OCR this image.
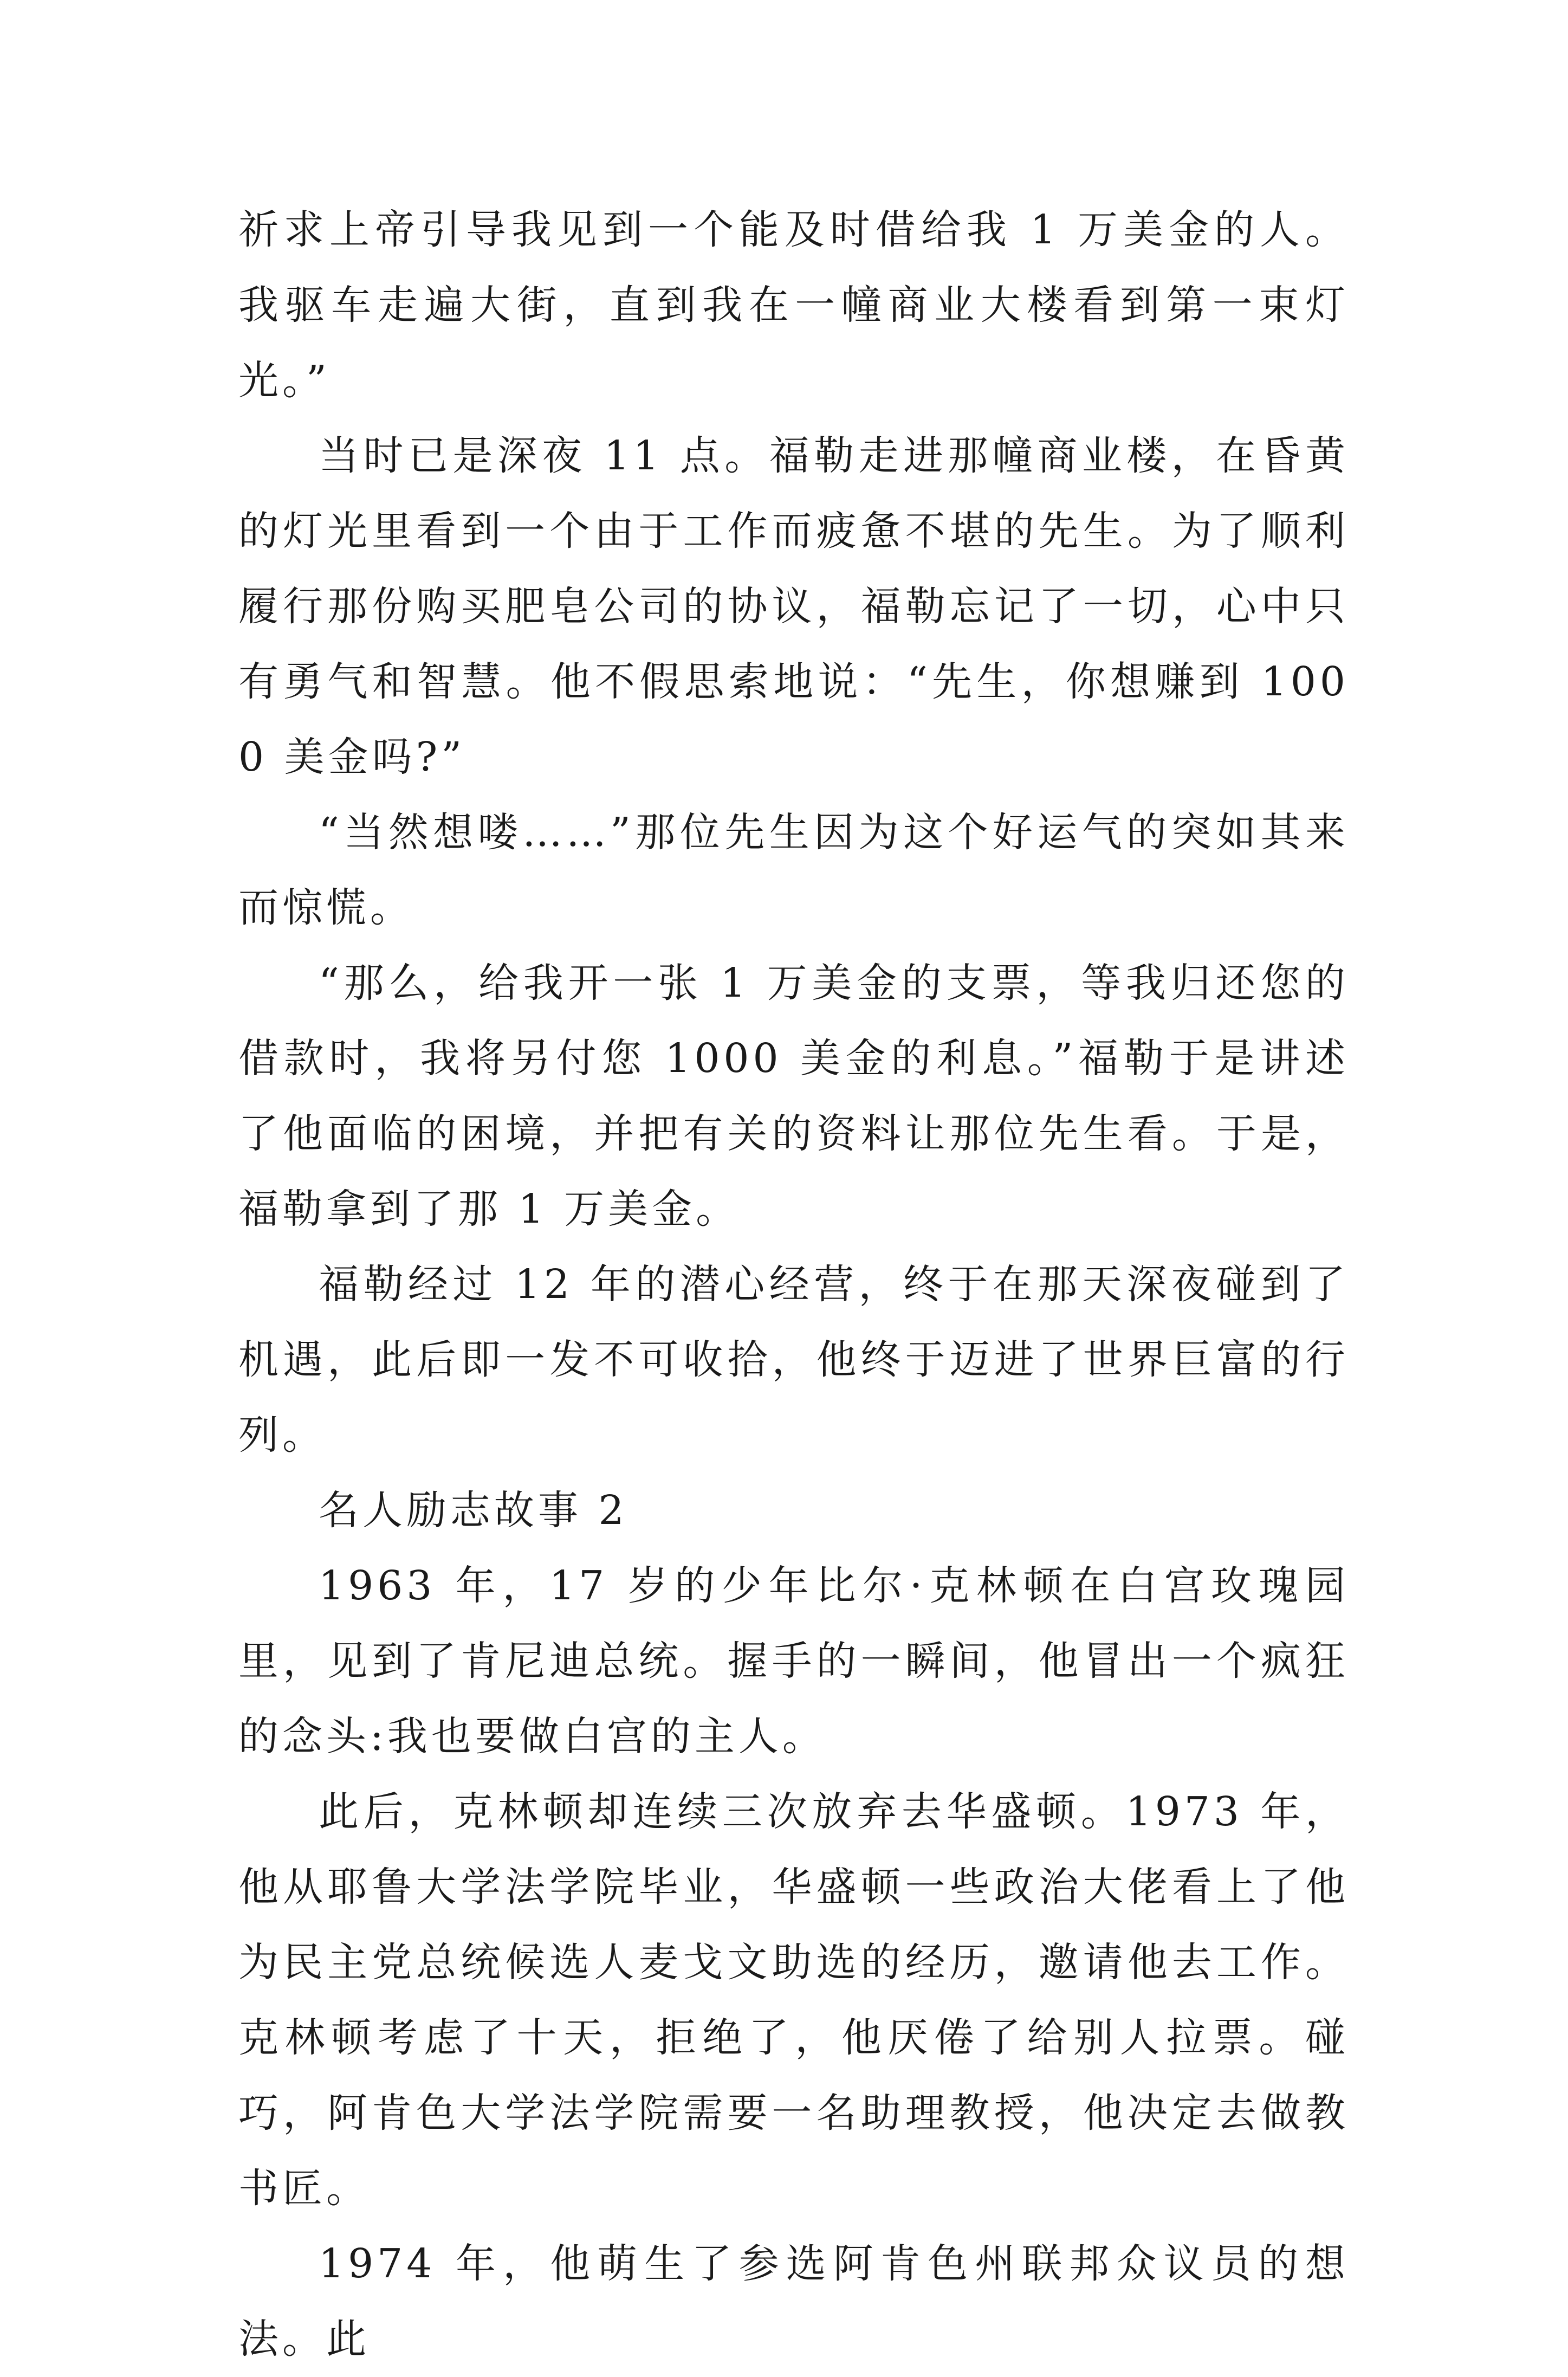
祈求上帝引导我见到一个能及时借给我 1 万美金的人。我驱车走遍大街，直到我在一幢商业大楼看到第一束灯光。”

当时已是深夜 11 点。福勒走进那幢商业楼，在昏黄的灯光里看到一个由于工作而疲惫不堪的先生。为了顺利履行那份购买肥皂公司的协议，福勒忘记了一切，心中只有勇气和智慧。他不假思索地说：“先生，你想赚到 1000 美金吗?”

“当然想喽……”那位先生因为这个好运气的突如其来而惊慌。

“那么，给我开一张 1 万美金的支票，等我归还您的借款时，我将另付您 1000 美金的利息。”福勒于是讲述了他面临的困境，并把有关的资料让那位先生看。于是，福勒拿到了那 1 万美金。

福勒经过 12 年的潜心经营，终于在那天深夜碰到了机遇，此后即一发不可收拾，他终于迈进了世界巨富的行列。

名人励志故事 2

1963 年，17 岁的少年比尔·克林顿在白宫玫瑰园里，见到了肯尼迪总统。握手的一瞬间，他冒出一个疯狂的念头:我也要做白宫的主人。

此后，克林顿却连续三次放弃去华盛顿。1973 年，他从耶鲁大学法学院毕业，华盛顿一些政治大佬看上了他为民主党总统候选人麦戈文助选的经历，邀请他去工作。克林顿考虑了十天，拒绝了，他厌倦了给别人拉票。碰巧，阿肯色大学法学院需要一名助理教授，他决定去做教书匠。

1974 年，他萌生了参选阿肯色州联邦众议员的想法。此
